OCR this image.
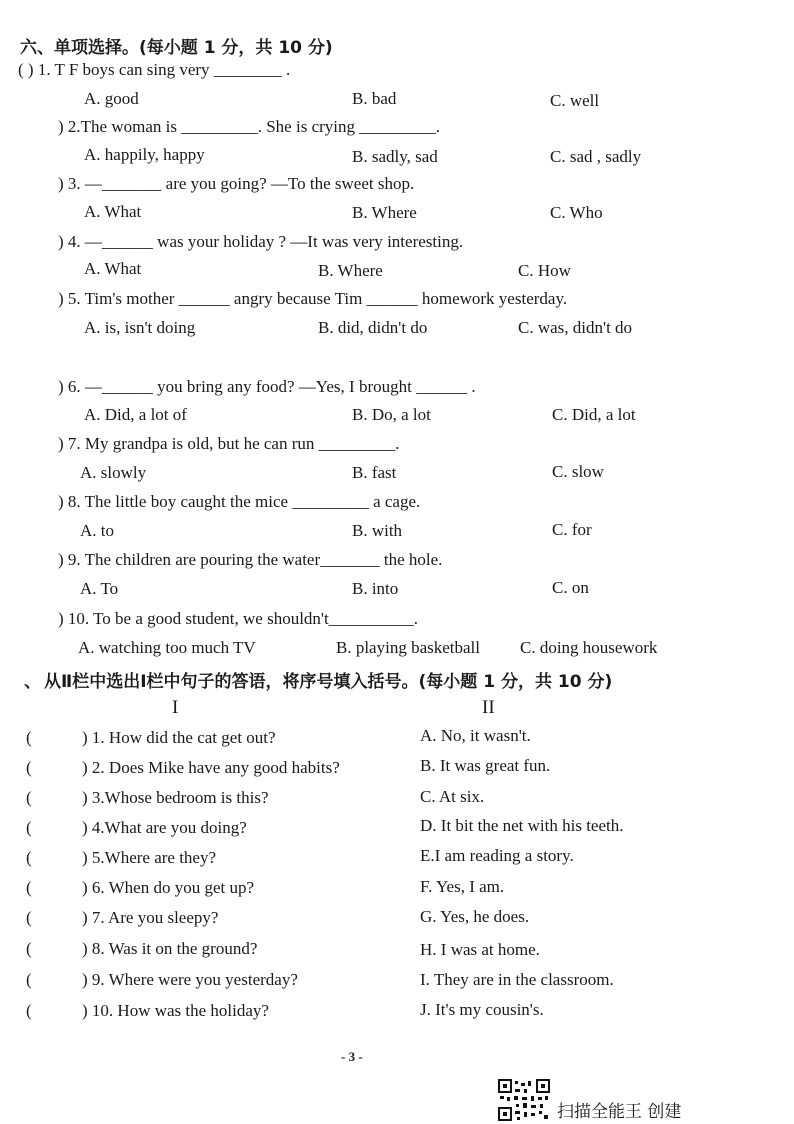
六、单项选择。(每小题 1 分，共 10 分)
( ) 1. T F boys can sing very ________ .
A. good	B. bad	C. well
) 2.The woman is _________. She is crying _________.
A. happily, happy	B. sadly, sad	C. sad , sadly
) 3. —_______ are you going? —To the sweet shop.
A. What	B. Where	C. Who
) 4. —______ was your holiday ? —It was very interesting.
A. What	B. Where	C. How
) 5. Tim's mother ______ angry because Tim ______ homework yesterday.
A. is, isn't doing	B. did, didn't do	C. was, didn't do
) 6. —______ you bring any food? —Yes, I brought ______ .
A. Did, a lot of	B. Do, a lot	C. Did, a lot
) 7. My grandpa is old, but he can run _________.
A. slowly	B. fast	C. slow
) 8. The little boy caught the mice _________ a cage.
A. to	B. with	C. for
) 9. The children are pouring the water_______ the hole.
A. To	B. into	C. on
) 10. To be a good student, we shouldn't__________.
A. watching too much TV	B. playing basketball C. doing housework
、 从Ⅱ栏中选出Ⅰ栏中句子的答语，将序号填入括号。(每小题 1 分，共 10 分)
I	II
(	) 1. How did the cat get out?	A. No, it wasn't.
(	) 2. Does Mike have any good habits?	B. It was great fun.
(	) 3.Whose bedroom is this?	C. At six.
(	) 4.What are you doing?	D. It bit the net with his teeth.
(	) 5.Where are they?	E.I am reading a story.
(	) 6. When do you get up?	F. Yes, I am.
(	) 7. Are you sleepy?	G. Yes, he does.
(	) 8. Was it on the ground?	H. I was at home.
(	) 9. Where were you yesterday?	I. They are in the classroom.
(	) 10. How was the holiday?	J. It's my cousin's.
- 3 -
扫描全能王 创建
